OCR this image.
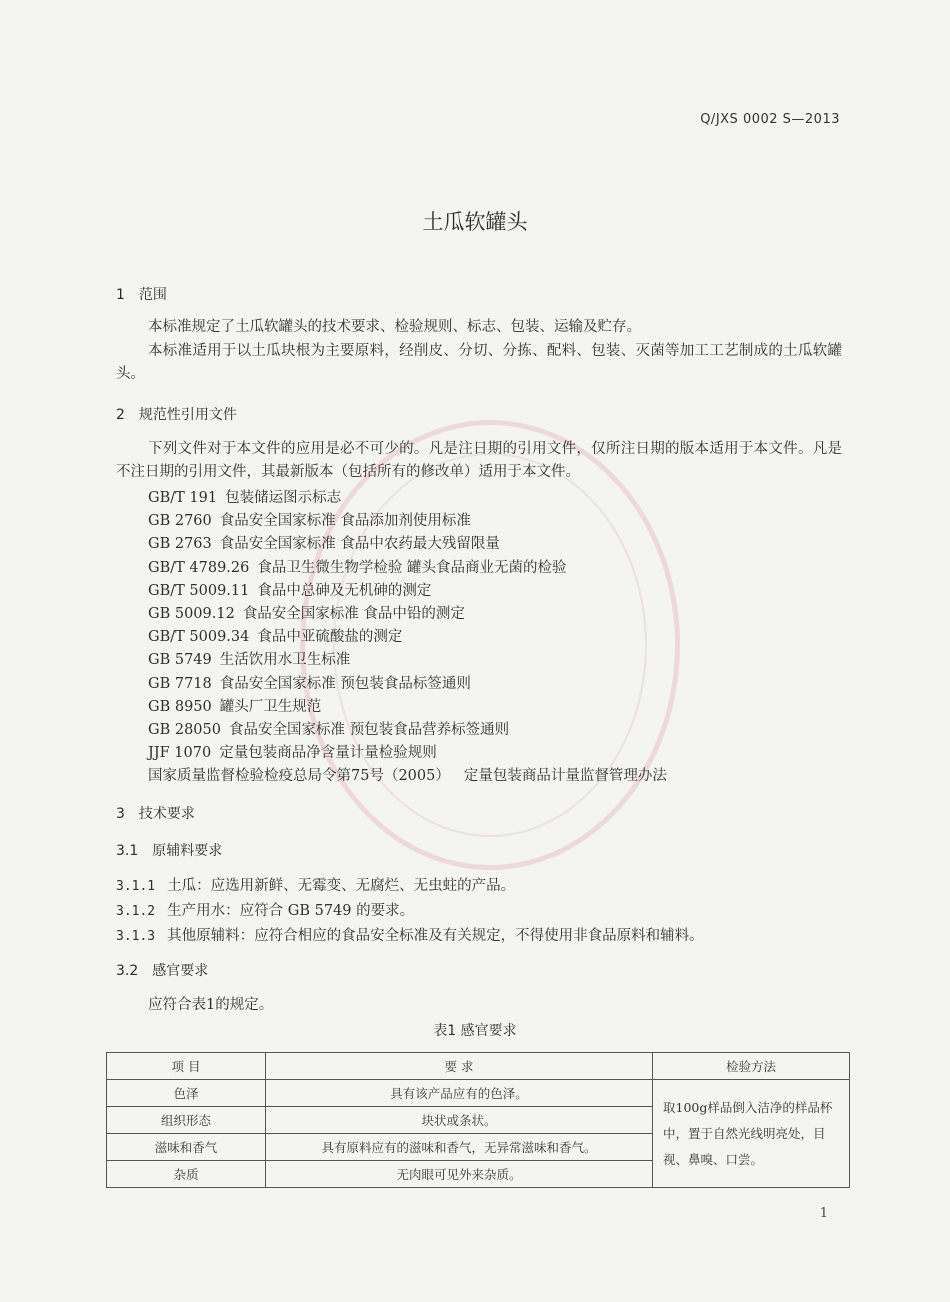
Q/JXS 0002 S—2013
土瓜软罐头
1 范围
本标准规定了土瓜软罐头的技术要求、检验规则、标志、包装、运输及贮存。
本标准适用于以土瓜块根为主要原料，经削皮、分切、分拣、配料、包装、灭菌等加工工艺制成的土瓜软罐头。
2 规范性引用文件
下列文件对于本文件的应用是必不可少的。凡是注日期的引用文件，仅所注日期的版本适用于本文件。凡是不注日期的引用文件，其最新版本（包括所有的修改单）适用于本文件。
GB/T 191 包装储运图示标志
GB 2760 食品安全国家标准 食品添加剂使用标准
GB 2763 食品安全国家标准 食品中农药最大残留限量
GB/T 4789.26 食品卫生微生物学检验 罐头食品商业无菌的检验
GB/T 5009.11 食品中总砷及无机砷的测定
GB 5009.12 食品安全国家标准 食品中铅的测定
GB/T 5009.34 食品中亚硫酸盐的测定
GB 5749 生活饮用水卫生标准
GB 7718 食品安全国家标准 预包装食品标签通则
GB 8950 罐头厂卫生规范
GB 28050 食品安全国家标准 预包装食品营养标签通则
JJF 1070 定量包装商品净含量计量检验规则
国家质量监督检验检疫总局令第75号（2005） 定量包装商品计量监督管理办法
3 技术要求
3.1 原辅料要求
3.1.1 土瓜：应选用新鲜、无霉变、无腐烂、无虫蛀的产品。
3.1.2 生产用水：应符合 GB 5749 的要求。
3.1.3 其他原辅料：应符合相应的食品安全标准及有关规定，不得使用非食品原料和辅料。
3.2 感官要求
应符合表1的规定。
表1 感官要求
项 目	要 求	检验方法
色泽	具有该产品应有的色泽。	取100g样品倒入洁净的样品杯中，置于自然光线明亮处，目视、鼻嗅、口尝。
组织形态	块状或条状。	
滋味和香气	具有原料应有的滋味和香气，无异常滋味和香气。	
杂质	无肉眼可见外来杂质。	
1
